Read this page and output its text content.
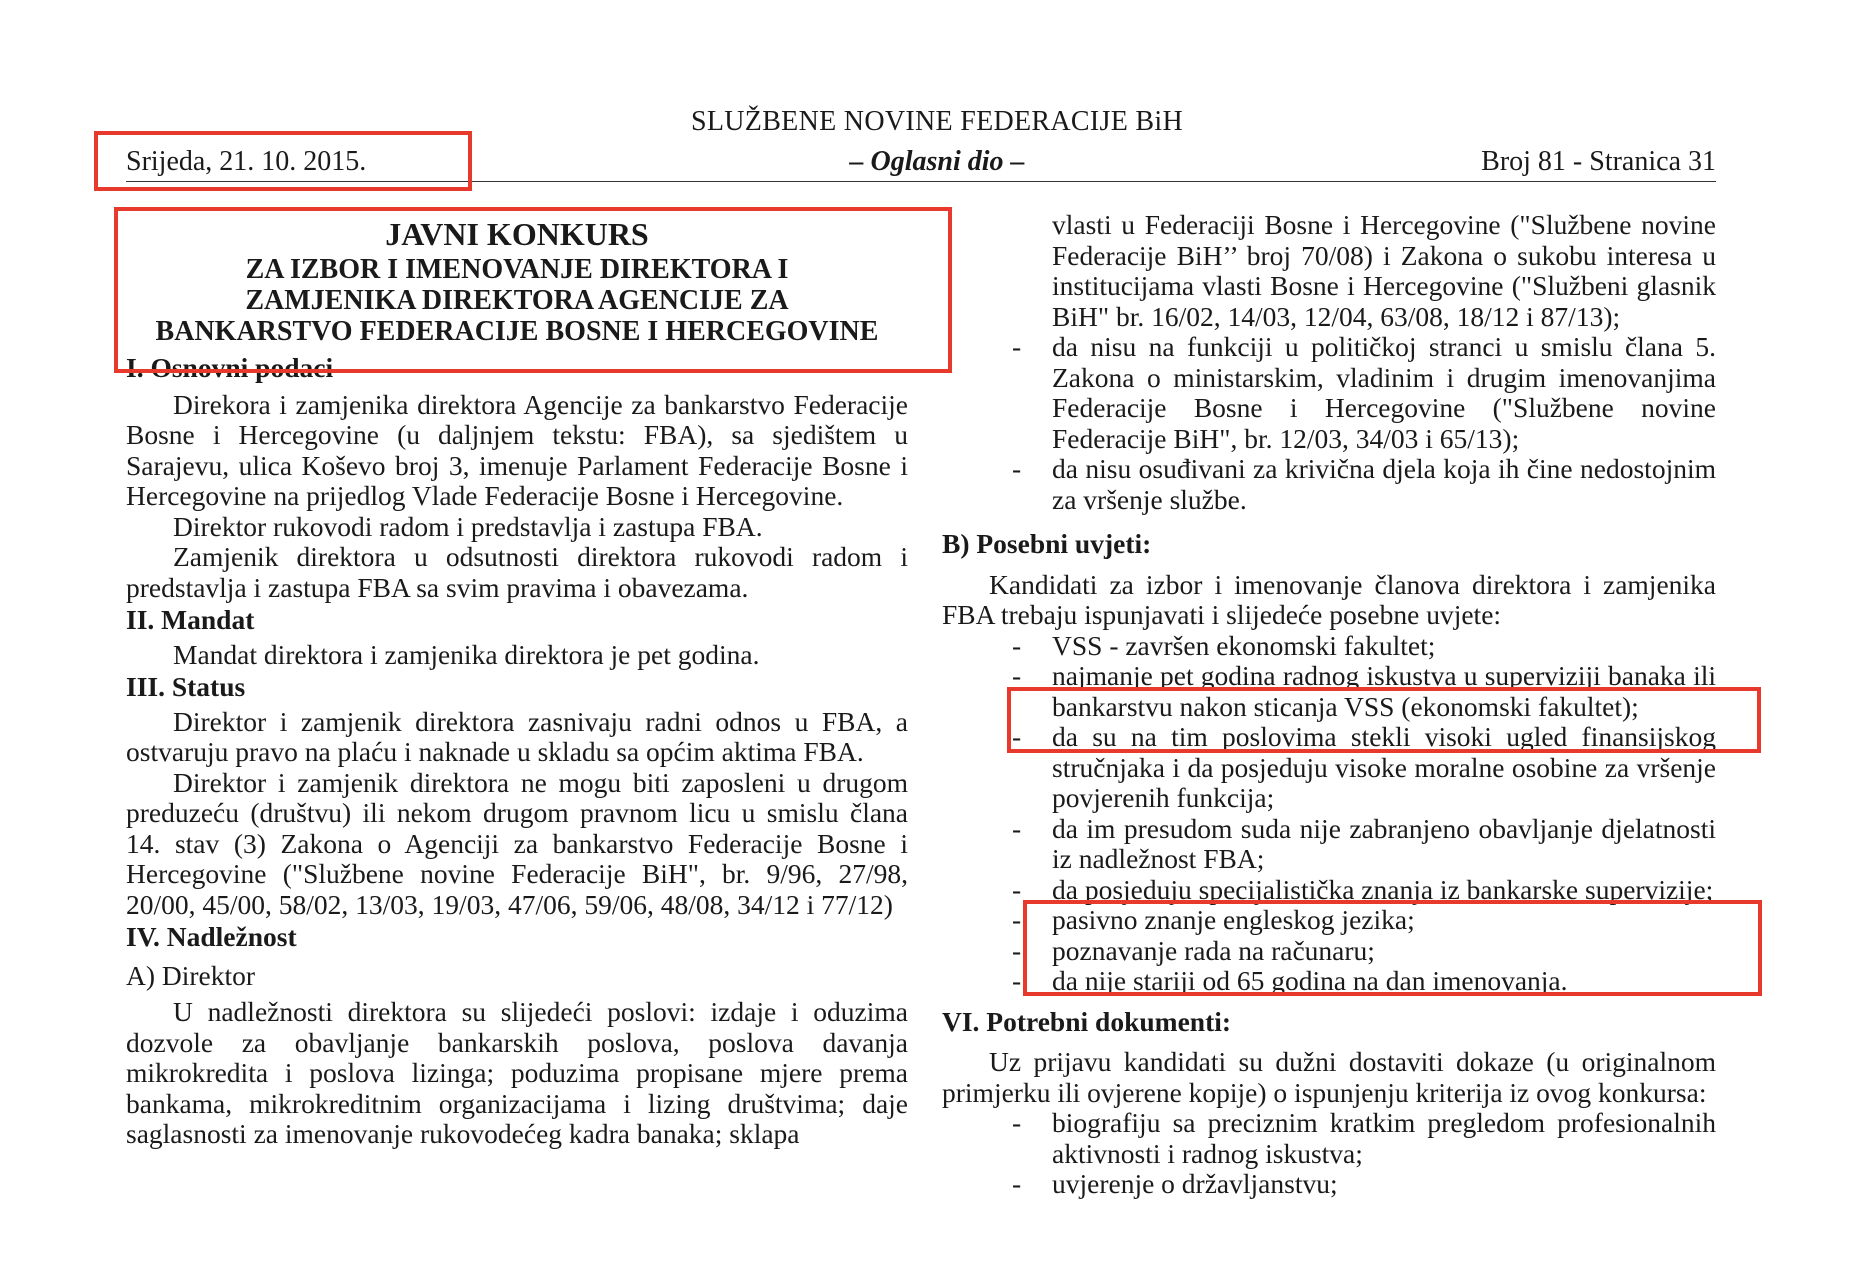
SLUŽBENE NOVINE FEDERACIJE BiH
Srijeda, 21. 10. 2015.	– Oglasni dio –	Broj 81 - Stranica 31
JAVNI KONKURS
ZA IZBOR I IMENOVANJE DIREKTORA I
ZAMJENIKA DIREKTORA AGENCIJE ZA
BANKARSTVO FEDERACIJE BOSNE I HERCEGOVINE
I. Osnovni podaci

Direkora i zamjenika direktora Agencije za bankarstvo Federacije Bosne i Hercegovine (u daljnjem tekstu: FBA), sa sjedištem u Sarajevu, ulica Koševo broj 3, imenuje Parlament Federacije Bosne i Hercegovine na prijedlog Vlade Federacije Bosne i Hercegovine.

Direktor rukovodi radom i predstavlja i zastupa FBA.

Zamjenik direktora u odsutnosti direktora rukovodi radom i predstavlja i zastupa FBA sa svim pravima i obavezama.

II. Mandat

Mandat direktora i zamjenika direktora je pet godina.

III. Status

Direktor i zamjenik direktora zasnivaju radni odnos u FBA, a ostvaruju pravo na plaću i naknade u skladu sa općim aktima FBA.

Direktor i zamjenik direktora ne mogu biti zaposleni u drugom preduzeću (društvu) ili nekom drugom pravnom licu u smislu člana 14. stav (3) Zakona o Agenciji za bankarstvo Federacije Bosne i Hercegovine ("Službene novine Federacije BiH", br. 9/96, 27/98, 20/00, 45/00, 58/02, 13/03, 19/03, 47/06, 59/06, 48/08, 34/12 i 77/12)

IV. Nadležnost
A) Direktor

U nadležnosti direktora su slijedeći poslovi: izdaje i oduzima dozvole za obavljanje bankarskih poslova, poslova davanja mikrokredita i poslova lizinga; poduzima propisane mjere prema bankama, mikrokreditnim organizacijama i lizing društvima; daje saglasnosti za imenovanje rukovodećeg kadra banaka; sklapa

vlasti u Federaciji Bosne i Hercegovine ("Službene novine Federacije BiH’’ broj 70/08) i Zakona o sukobu interesa u institucijama vlasti Bosne i Hercegovine ("Službeni glasnik BiH" br. 16/02, 14/03, 12/04, 63/08, 18/12 i 87/13);

- da nisu na funkciji u političkoj stranci u smislu člana 5. Zakona o ministarskim, vladinim i drugim imenovanjima Federacije Bosne i Hercegovine ("Službene novine Federacije BiH", br. 12/03, 34/03 i 65/13);
- da nisu osuđivani za krivična djela koja ih čine nedostojnim za vršenje službe.
B) Posebni uvjeti:

Kandidati za izbor i imenovanje članova direktora i zamjenika FBA trebaju ispunjavati i slijedeće posebne uvjete:

- VSS - završen ekonomski fakultet;
- najmanje pet godina radnog iskustva u superviziji banaka ili bankarstvu nakon sticanja VSS (ekonomski fakultet);
- da su na tim poslovima stekli visoki ugled finansijskog stručnjaka i da posjeduju visoke moralne osobine za vršenje povjerenih funkcija;
- da im presudom suda nije zabranjeno obavljanje djelatnosti iz nadležnost FBA;
- da posjeduju specijalistička znanja iz bankarske supervizije;
- pasivno znanje engleskog jezika;
- poznavanje rada na računaru;
- da nije stariji od 65 godina na dan imenovanja.
VI. Potrebni dokumenti:

Uz prijavu kandidati su dužni dostaviti dokaze (u originalnom primjerku ili ovjerene kopije) o ispunjenju kriterija iz ovog konkursa:

- biografiju sa preciznim kratkim pregledom profesionalnih aktivnosti i radnog iskustva;
- uvjerenje o državljanstvu;
